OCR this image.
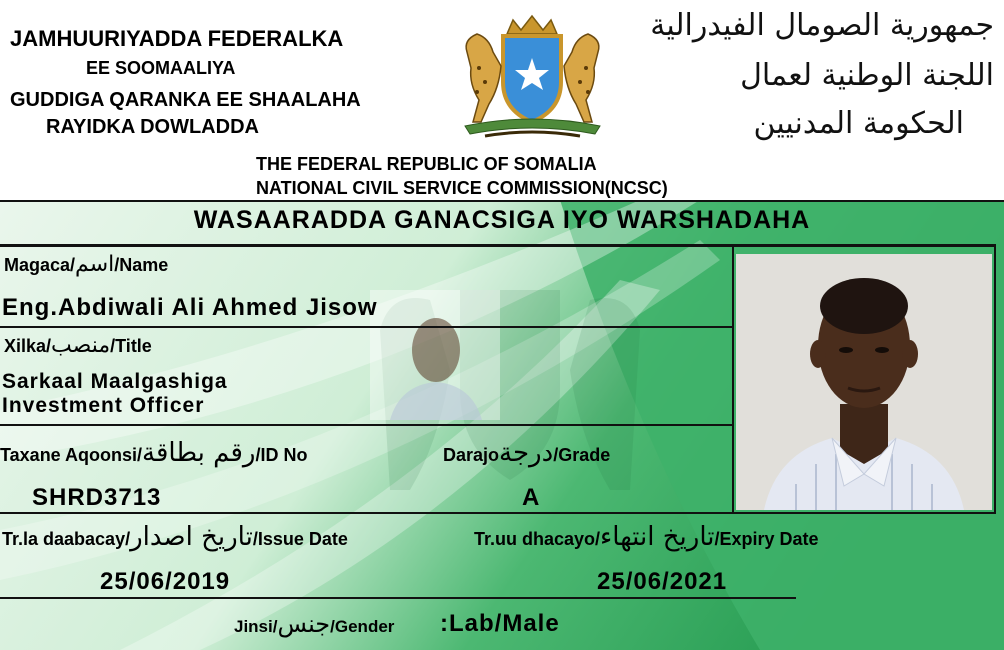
JAMHUURIYADDA FEDERALKA
EE SOOMAALIYA
GUDDIGA QARANKA EE SHAALAHA
RAYIDKA DOWLADDA
جمهورية الصومال الفيدرالية
اللجنة الوطنية لعمال
الحكومة المدنيين
THE FEDERAL REPUBLIC OF SOMALIA
NATIONAL CIVIL SERVICE COMMISSION(NCSC)
WASAARADDA GANACSIGA IYO WARSHADAHA
Magaca/اسم/Name
Eng.Abdiwali Ali Ahmed Jisow
Xilka/منصب/Title
Sarkaal Maalgashiga
Investment Officer
Taxane Aqoonsi/رقم بطاقة/ID No
SHRD3713
Darajoدرجة/Grade
A
Tr.la daabacay/تاريخ اصدار/Issue Date
25/06/2019
Tr.uu dhacayo/تاريخ انتهاء/Expiry Date
25/06/2021
Jinsi/جنس/Gender :Lab/Male
